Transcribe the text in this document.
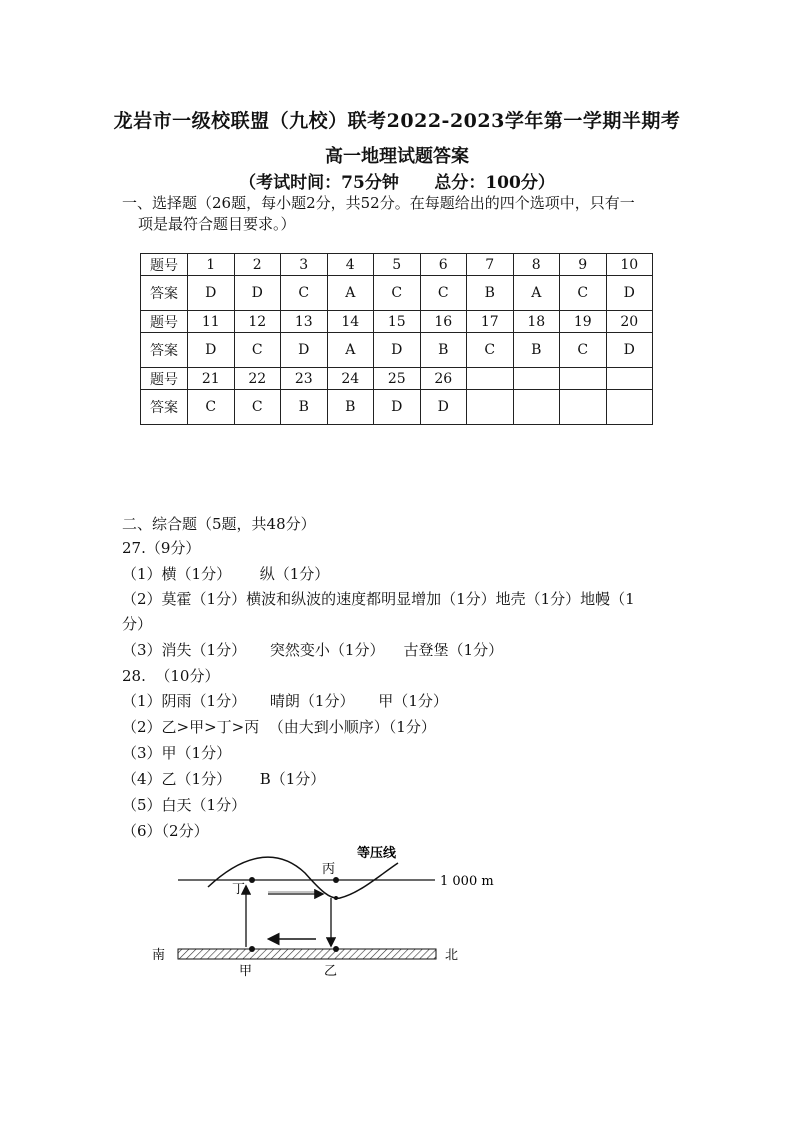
龙岩市一级校联盟（九校）联考2022-2023学年第一学期半期考
高一地理试题答案
（考试时间：75分钟      总分：100分）
一、选择题（26题，每小题2分，共52分。在每题给出的四个选项中，只有一
项是最符合题目要求。）
题号	1	2	3	4	5	6	7	8	9	10
答案	D	D	C	A	C	C	B	A	C	D
题号	11	12	13	14	15	16	17	18	19	20
答案	D	C	D	A	D	B	C	B	C	D
题号	21	22	23	24	25	26				
答案	C	C	B	B	D	D				
二、综合题（5题，共48分）
27.（9分）
（1）横（1分）      纵（1分）
（2）莫霍（1分）横波和纵波的速度都明显增加（1分）地壳（1分）地幔（1
分）
（3）消失（1分）     突然变小（1分）    古登堡（1分）
28.  （10分）
（1）阴雨（1分）     晴朗（1分）     甲（1分）
（2）乙>甲>丁>丙  （由大到小顺序）（1分）
（3）甲（1分）
（4）乙（1分）      B（1分）
（5）白天（1分）
（6）（2分）
等压线
1 000 m
南	北
甲	乙
丙
丁
